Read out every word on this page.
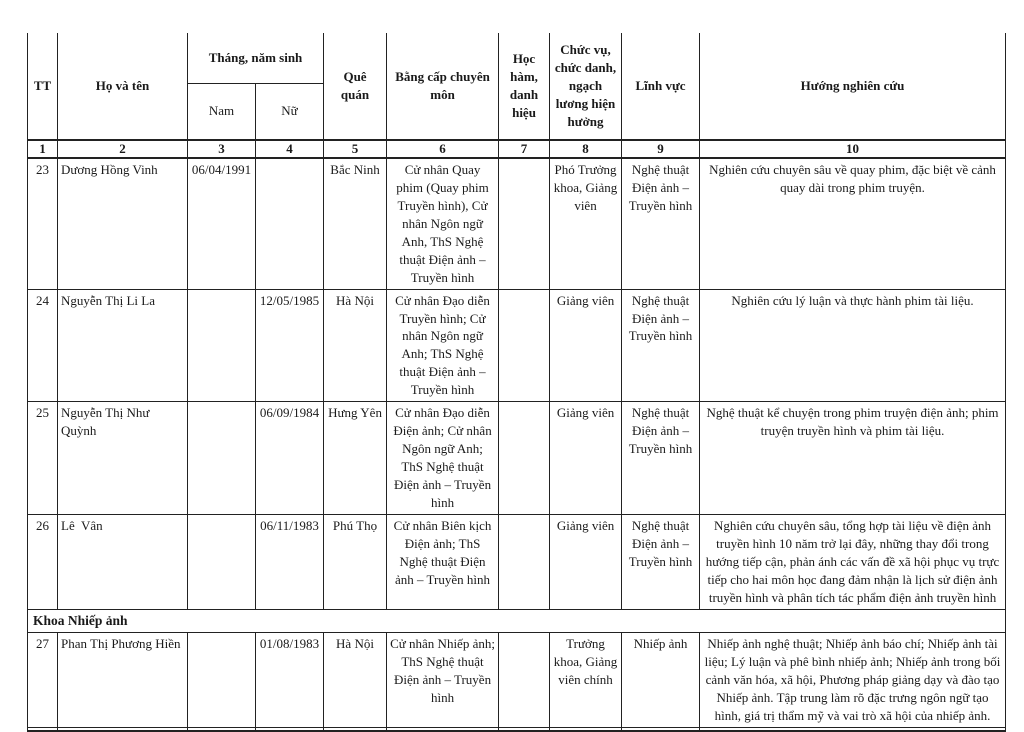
TT	Họ và tên	Tháng, năm sinh		Quê quán	Bằng cấp chuyên môn	Học hàm, danh hiệu	Chức vụ, chức danh, ngạch lương hiện hưởng	Lĩnh vực	Hướng nghiên cứu
		Nam	Nữ						
1	2	3	4	5	6	7	8	9	10
23	Dương Hồng Vinh	06/04/1991		Bắc Ninh	Cử nhân Quay phim (Quay phim Truyền hình), Cử nhân Ngôn ngữ Anh, ThS Nghệ thuật Điện ảnh – Truyền hình		Phó Trưởng khoa, Giảng viên	Nghệ thuật Điện ảnh – Truyền hình	Nghiên cứu chuyên sâu về quay phim, đặc biệt về cảnh quay dài trong phim truyện.
24	Nguyễn Thị Li La		12/05/1985	Hà Nội	Cử nhân Đạo diễn Truyền hình; Cử nhân Ngôn ngữ Anh; ThS Nghệ thuật Điện ảnh – Truyền hình		Giảng viên	Nghệ thuật Điện ảnh – Truyền hình	Nghiên cứu lý luận và thực hành phim tài liệu.
25	Nguyễn Thị Như Quỳnh		06/09/1984	Hưng Yên	Cử nhân Đạo diễn Điện ảnh; Cử nhân Ngôn ngữ Anh; ThS Nghệ thuật Điện ảnh – Truyền hình		Giảng viên	Nghệ thuật Điện ảnh – Truyền hình	Nghệ thuật kể chuyện trong phim truyện điện ảnh; phim truyện truyền hình và phim tài liệu.
26	Lê  Vân		06/11/1983	Phú Thọ	Cử nhân Biên kịch Điện ảnh; ThS Nghệ thuật Điện ảnh – Truyền hình		Giảng viên	Nghệ thuật Điện ảnh – Truyền hình	Nghiên cứu chuyên sâu, tổng hợp tài liệu về điện ảnh truyền hình 10 năm trở lại đây, những thay đổi trong hướng tiếp cận, phản ánh các vấn đề xã hội phục vụ trực tiếp cho hai môn học đang đảm nhận là lịch sử điện ảnh truyền hình và phân tích tác phẩm điện ảnh truyền hình
Khoa Nhiếp ảnh									
27	Phan Thị Phương Hiền		01/08/1983	Hà Nội	Cử nhân Nhiếp ảnh; ThS Nghệ thuật Điện ảnh – Truyền hình		Trưởng khoa, Giảng viên chính	Nhiếp ảnh	Nhiếp ảnh nghệ thuật; Nhiếp ảnh báo chí; Nhiếp ảnh tài liệu; Lý luận và phê bình nhiếp ảnh; Nhiếp ảnh trong bối cảnh văn hóa, xã hội, Phương pháp giảng dạy và đào tạo Nhiếp ảnh. Tập trung làm rõ đặc trưng ngôn ngữ tạo hình, giá trị thẩm mỹ và vai trò xã hội của nhiếp ảnh.
